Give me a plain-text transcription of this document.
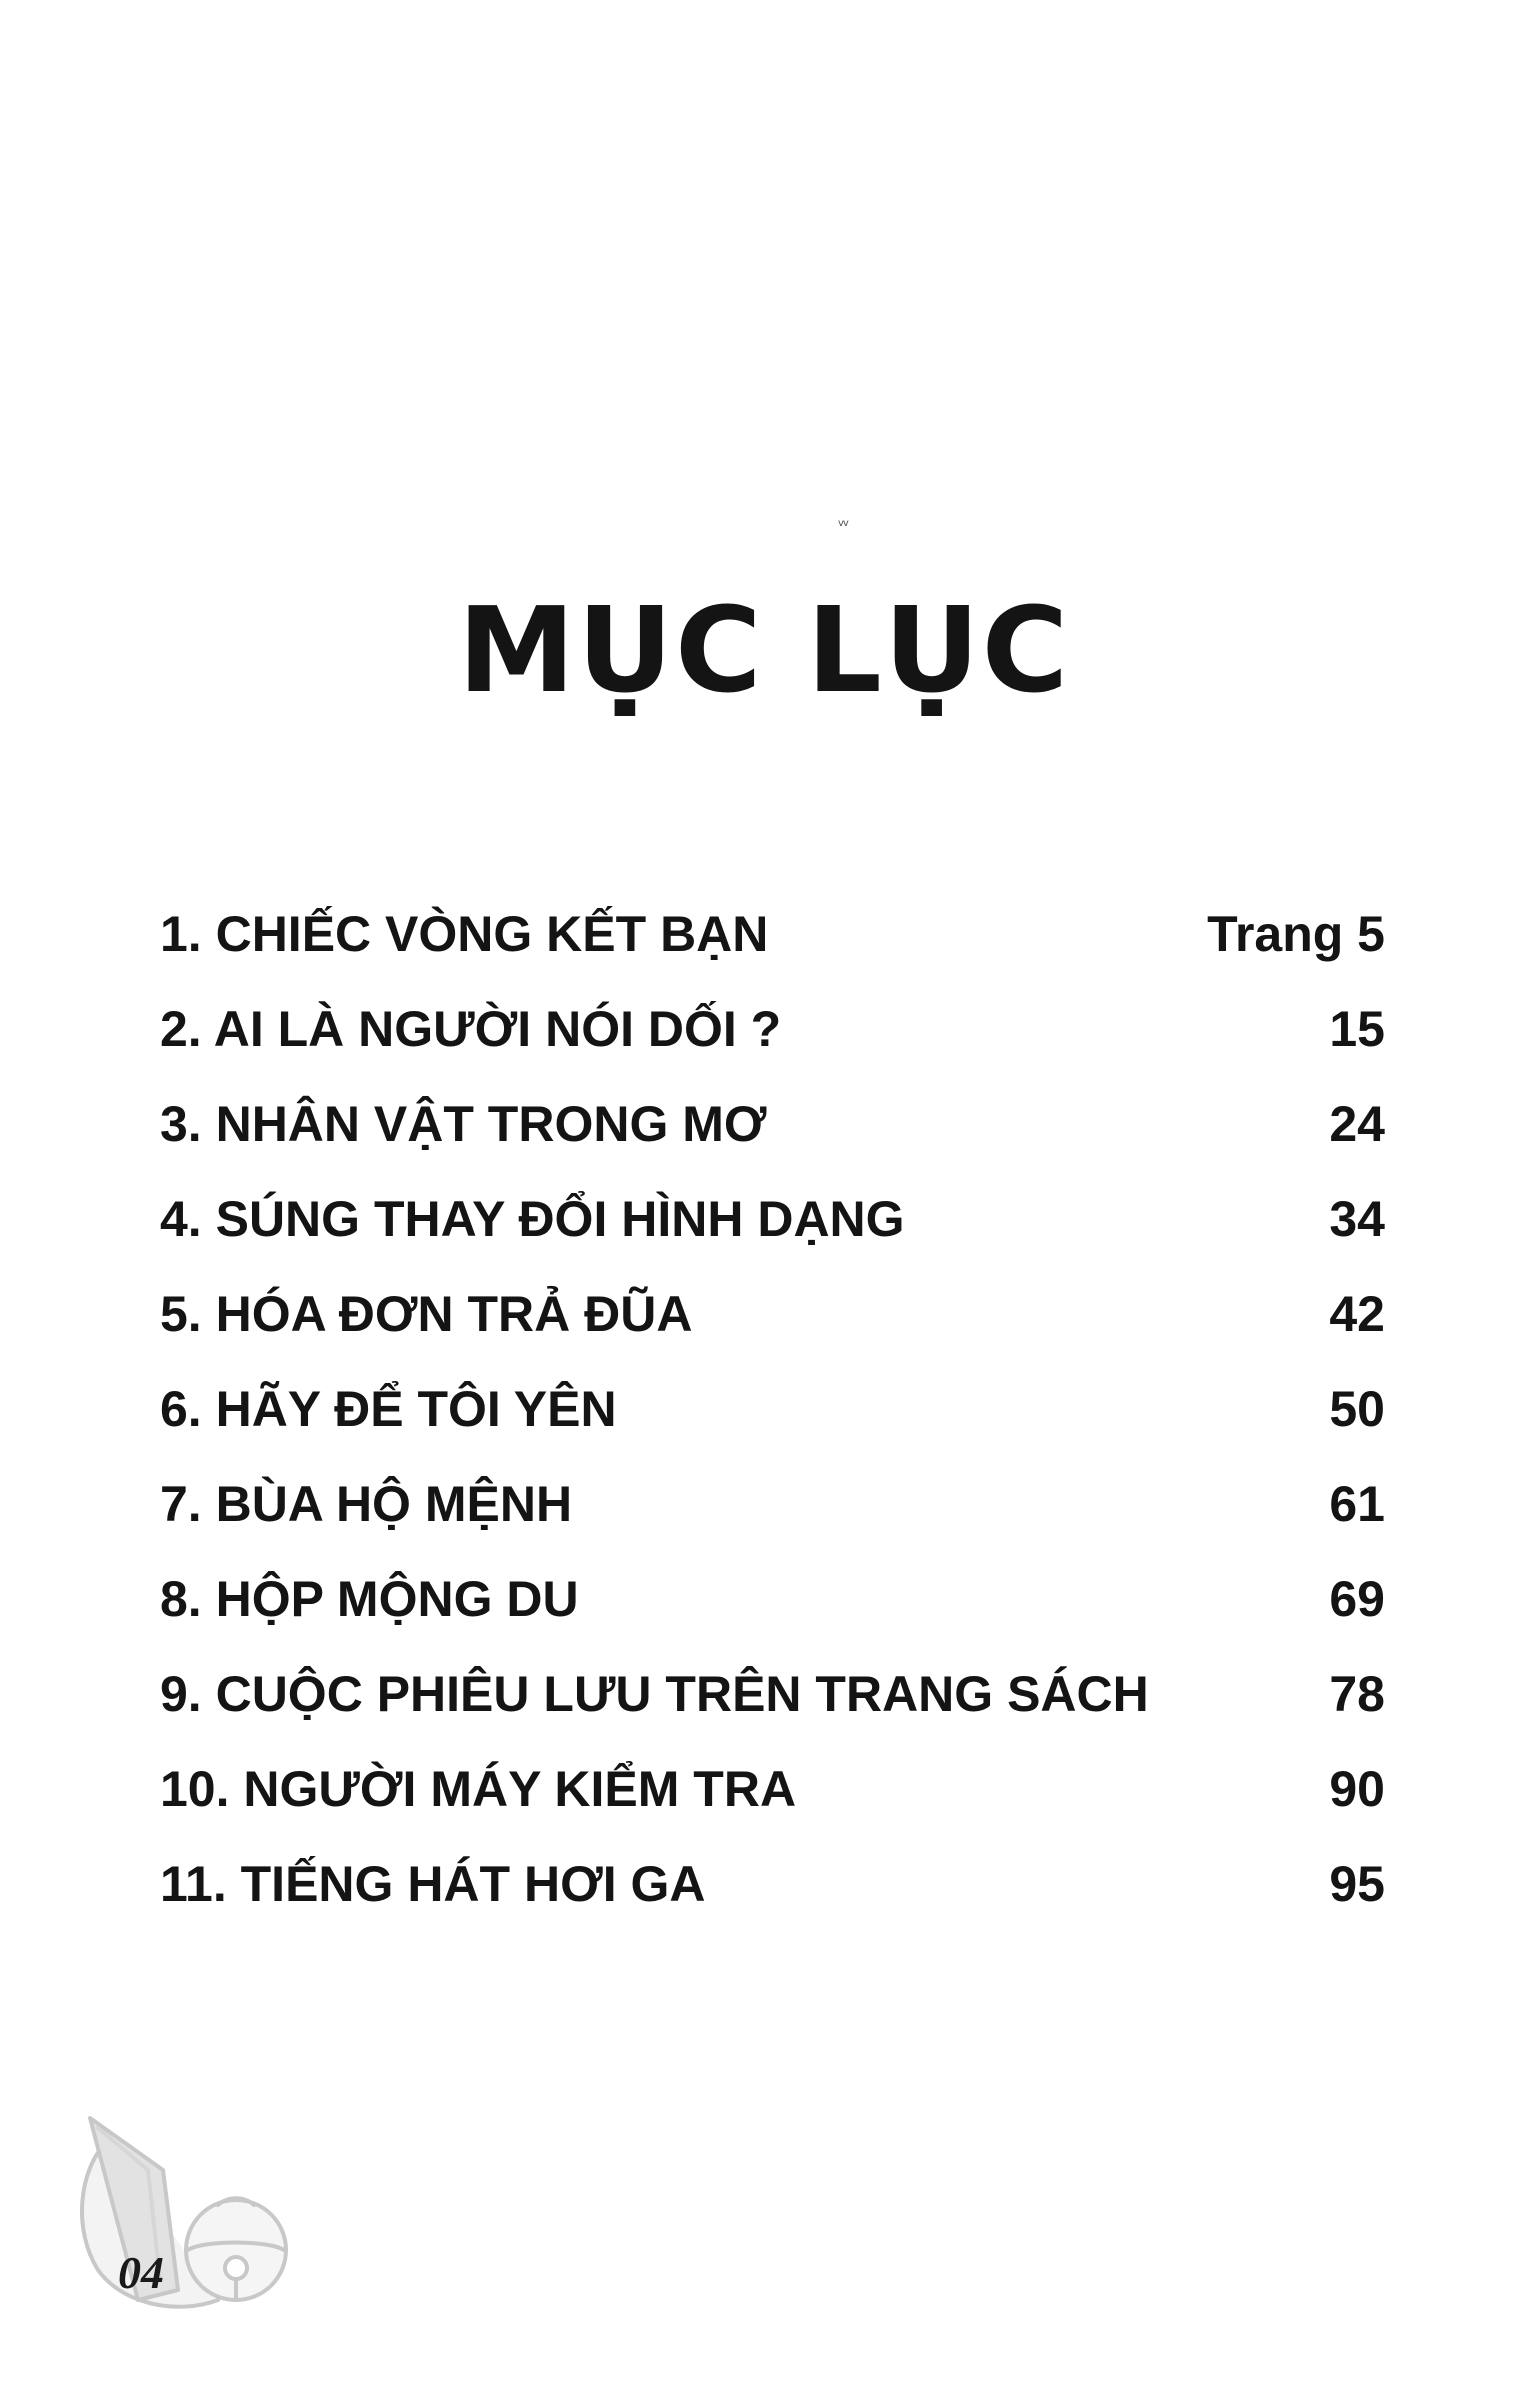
vv
MỤC LỤC
1. CHIẾC VÒNG KẾT BẠN	Trang 5
2. AI LÀ NGƯỜI NÓI DỐI ?	15
3. NHÂN VẬT TRONG MƠ	24
4. SÚNG THAY ĐỔI HÌNH DẠNG	34
5. HÓA ĐƠN TRẢ ĐŨA	42
6. HÃY ĐỂ TÔI YÊN	50
7. BÙA HỘ MỆNH	61
8. HỘP MỘNG DU	69
9. CUỘC PHIÊU LƯU TRÊN TRANG SÁCH	78
10. NGƯỜI MÁY KIỂM TRA	90
11. TIẾNG HÁT HƠI GA	95
04
